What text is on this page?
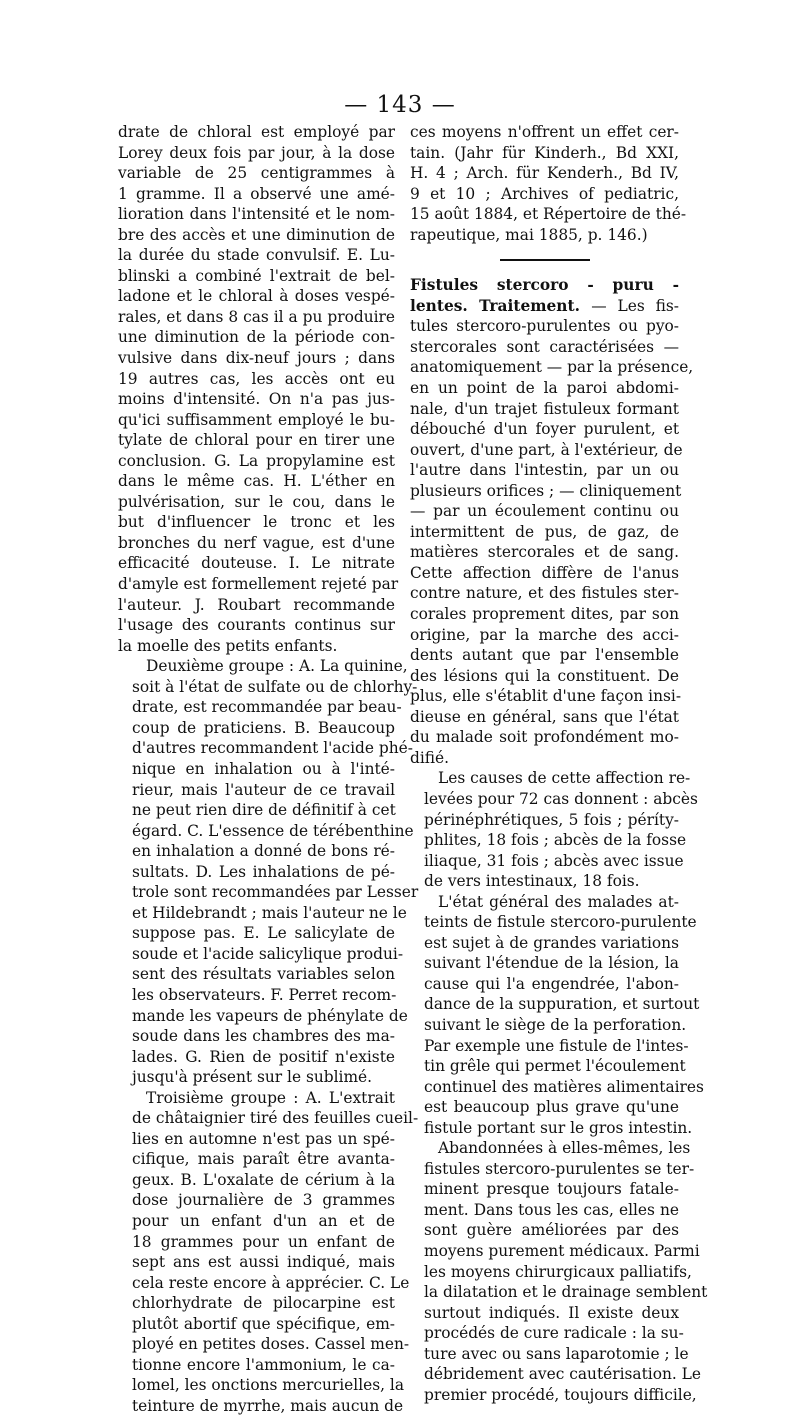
— 143 —

drate de chloral est employé par
Lorey deux fois par jour, à la dose
variable de 25 centigrammes à
1 gramme. Il a observé une amé-
lioration dans l'intensité et le nom-
bre des accès et une diminution de
la durée du stade convulsif. E. Lu-
blinski a combiné l'extrait de bel-
ladone et le chloral à doses vespé-
rales, et dans 8 cas il a pu produire
une diminution de la période con-
vulsive dans dix-neuf jours ; dans
19 autres cas, les accès ont eu
moins d'intensité. On n'a pas jus-
qu'ici suffisamment employé le bu-
tylate de chloral pour en tirer une
conclusion. G. La propylamine est
dans le même cas. H. L'éther en
pulvérisation, sur le cou, dans le
but d'influencer le tronc et les
bronches du nerf vague, est d'une
efficacité douteuse. I. Le nitrate
d'amyle est formellement rejeté par
l'auteur. J. Roubart recommande
l'usage des courants continus sur
la moelle des petits enfants.

Deuxième groupe : A. La quinine,
soit à l'état de sulfate ou de chlorhy-
drate, est recommandée par beau-
coup de praticiens. B. Beaucoup
d'autres recommandent l'acide phé-
nique en inhalation ou à l'inté-
rieur, mais l'auteur de ce travail
ne peut rien dire de définitif à cet
égard. C. L'essence de térébenthine
en inhalation a donné de bons ré-
sultats. D. Les inhalations de pé-
trole sont recommandées par Lesser
et Hildebrandt ; mais l'auteur ne le
suppose pas. E. Le salicylate de
soude et l'acide salicylique produi-
sent des résultats variables selon
les observateurs. F. Perret recom-
mande les vapeurs de phénylate de
soude dans les chambres des ma-
lades. G. Rien de positif n'existe
jusqu'à présent sur le sublimé.

Troisième groupe : A. L'extrait
de châtaignier tiré des feuilles cueil-
lies en automne n'est pas un spé-
cifique, mais paraît être avanta-
geux. B. L'oxalate de cérium à la
dose journalière de 3 grammes
pour un enfant d'un an et de
18 grammes pour un enfant de
sept ans est aussi indiqué, mais
cela reste encore à apprécier. C. Le
chlorhydrate de pilocarpine est
plutôt abortif que spécifique, em-
ployé en petites doses. Cassel men-
tionne encore l'ammonium, le ca-
lomel, les onctions mercurielles, la
teinture de myrrhe, mais aucun de

ces moyens n'offrent un effet cer-
tain. (Jahr für Kinderh., Bd XXI,
H. 4 ; Arch. für Kenderh., Bd IV,
9 et 10 ; Archives of pediatric,
15 août 1884, et Répertoire de thé-
rapeutique, mai 1885, p. 146.)

Fistules stercoro - puru -
lentes. Traitement. — Les fis-
tules stercoro-purulentes ou pyo-
stercorales sont caractérisées —
anatomiquement — par la présence,
en un point de la paroi abdomi-
nale, d'un trajet fistuleux formant
débouché d'un foyer purulent, et
ouvert, d'une part, à l'extérieur, de
l'autre dans l'intestin, par un ou
plusieurs orifices ; — cliniquement
— par un écoulement continu ou
intermittent de pus, de gaz, de
matières stercorales et de sang.
Cette affection diffère de l'anus
contre nature, et des fistules ster-
corales proprement dites, par son
origine, par la marche des acci-
dents autant que par l'ensemble
des lésions qui la constituent. De
plus, elle s'établit d'une façon insi-
dieuse en général, sans que l'état
du malade soit profondément mo-
difié.

Les causes de cette affection re-
levées pour 72 cas donnent : abcès
périnéphrétiques, 5 fois ; péríty-
phlites, 18 fois ; abcès de la fosse
iliaque, 31 fois ; abcès avec issue
de vers intestinaux, 18 fois.

L'état général des malades at-
teints de fistule stercoro-purulente
est sujet à de grandes variations
suivant l'étendue de la lésion, la
cause qui l'a engendrée, l'abon-
dance de la suppuration, et surtout
suivant le siège de la perforation.
Par exemple une fistule de l'intes-
tin grêle qui permet l'écoulement
continuel des matières alimentaires
est beaucoup plus grave qu'une
fistule portant sur le gros intestin.

Abandonnées à elles-mêmes, les
fistules stercoro-purulentes se ter-
minent presque toujours fatale-
ment. Dans tous les cas, elles ne
sont guère améliorées par des
moyens purement médicaux. Parmi
les moyens chirurgicaux palliatifs,
la dilatation et le drainage semblent
surtout indiqués. Il existe deux
procédés de cure radicale : la su-
ture avec ou sans laparotomie ; le
débridement avec cautérisation. Le
premier procédé, toujours difficile,
